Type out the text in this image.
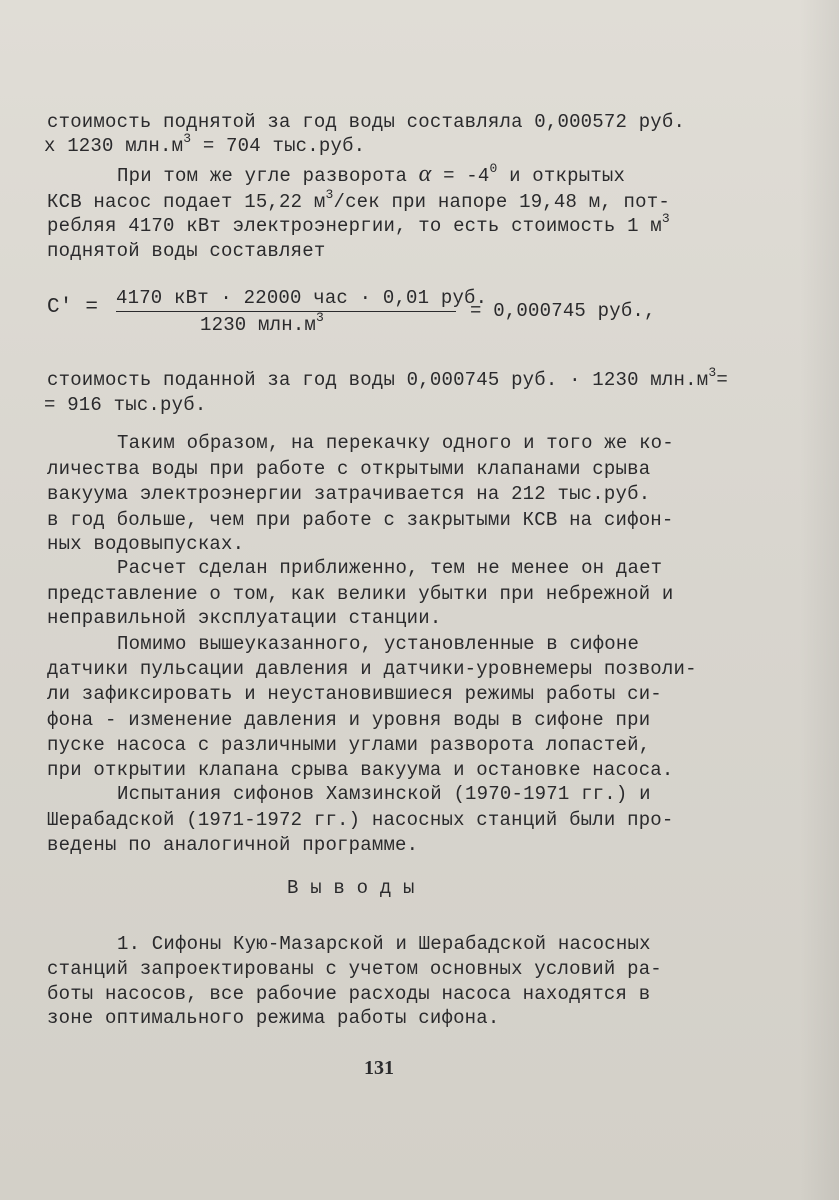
стоимость поднятой за год воды составляла 0,000572 руб.
x 1230 $млн.м^3 = 704$ тыс.руб.
При том же угле разворота $\alpha = -4^0$ и открытых
КСВ насос подает 15,22 $м^3$/сек при напоре 19,48 м, пот-
ребляя 4170 кВт электроэнергии, то есть стоимость 1 $м^3$
поднятой воды составляет
C' = 4170 кВт · 22000 час · 0,01 руб.
1230 $млн.м^3$	= 0,000745 руб.,
стоимость поданной за год воды 0,000745 руб. · 1230 $млн.м^3=$
= 916 тыс.руб.
Таким образом, на перекачку одного и того же ко-
личества воды при работе с открытыми клапанами срыва
вакуума электроэнергии затрачивается на 212 тыс.руб.
в год больше, чем при работе с закрытыми КСВ на сифон-
ных водовыпусках.
Расчет сделан приближенно, тем не менее он дает
представление о том, как велики убытки при небрежной и
неправильной эксплуатации станции.
Помимо вышеуказанного, установленные в сифоне
датчики пульсации давления и датчики-уровнемеры позволи-
ли зафиксировать и неустановившиеся режимы работы си-
фона - изменение давления и уровня воды в сифоне при
пуске насоса с различными углами разворота лопастей,
при открытии клапана срыва вакуума и остановке насоса.
Испытания сифонов Хамзинской (1970-1971 гг.) и
Шерабадской (1971-1972 гг.) насосных станций были про-
ведены по аналогичной программе.
В ы в о д ы
1. Сифоны Кую-Мазарской и Шерабадской насосных
станций запроектированы с учетом основных условий ра-
боты насосов, все рабочие расходы насоса находятся в
зоне оптимального режима работы сифона.
131
